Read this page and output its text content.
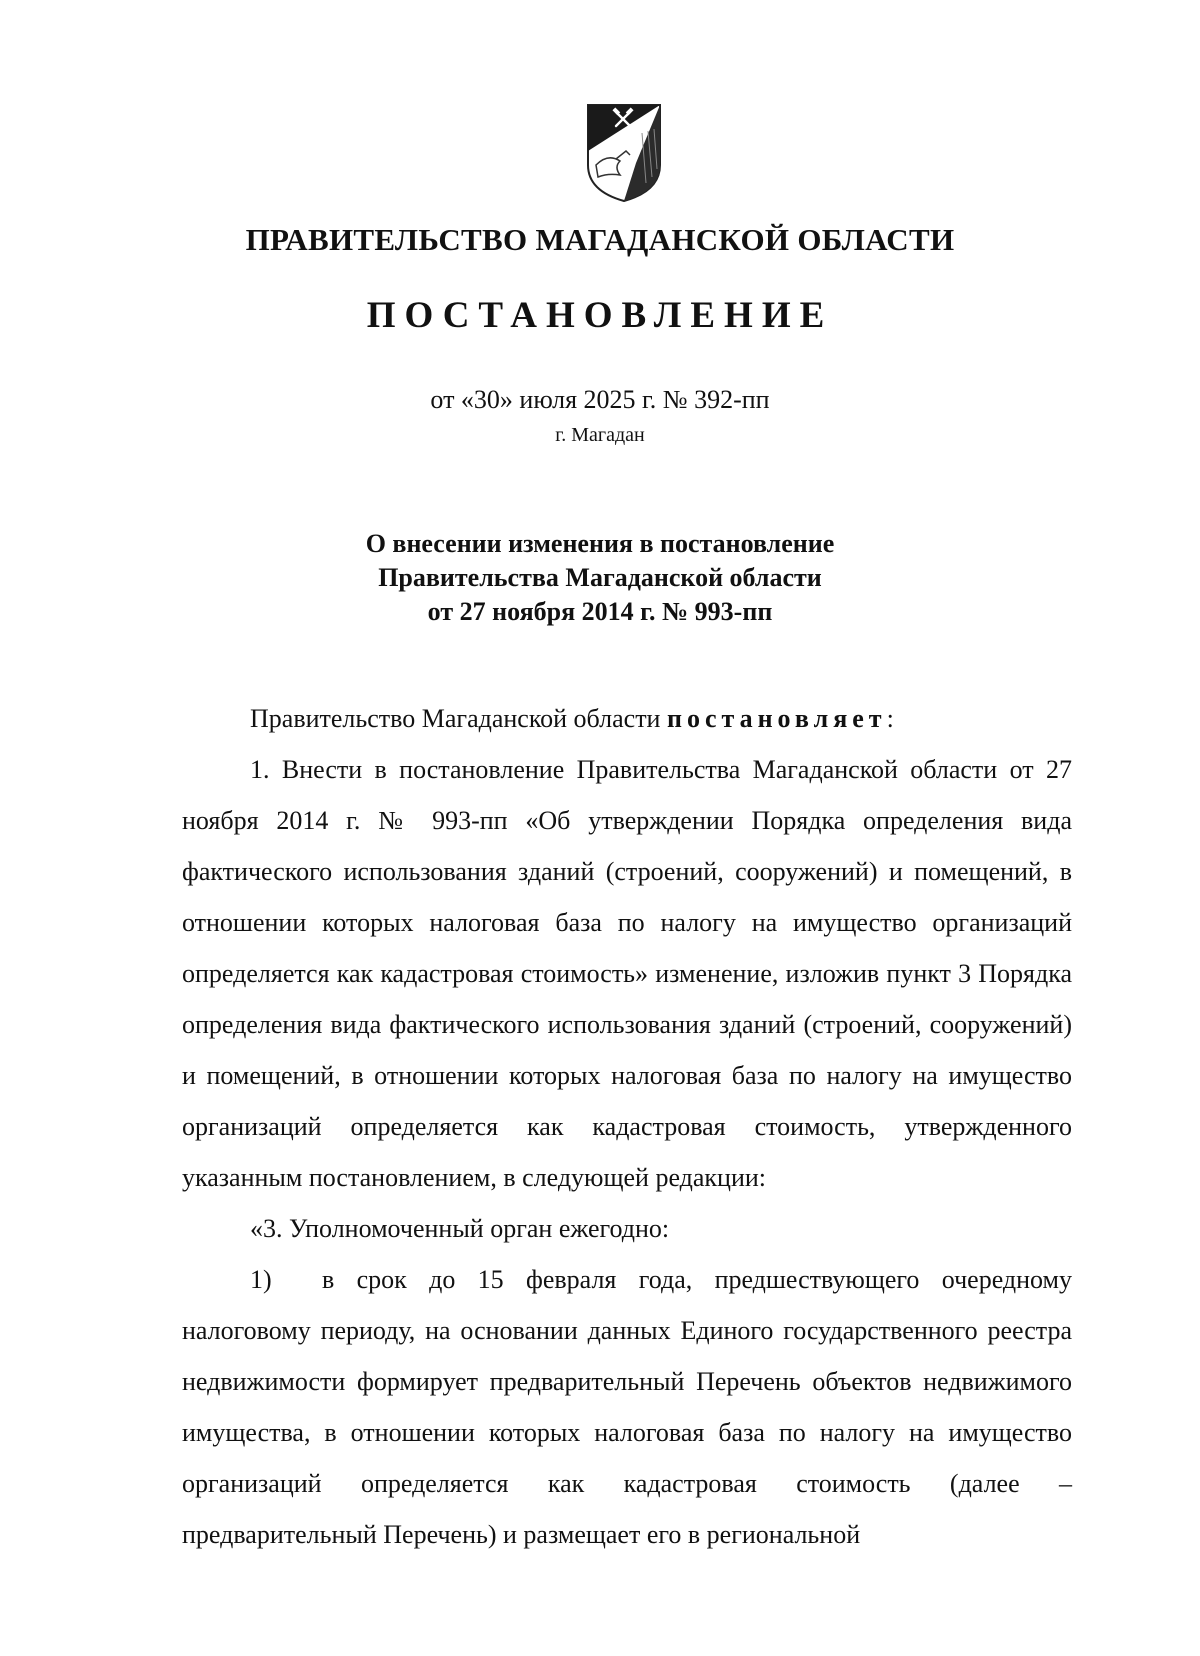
ПРАВИТЕЛЬСТВО МАГАДАНСКОЙ ОБЛАСТИ
ПОСТАНОВЛЕНИЕ
от «30» июля 2025 г. № 392-пп
г. Магадан
О внесении изменения в постановление
Правительства Магаданской области
от 27 ноября 2014 г. № 993-пп

Правительство Магаданской области постановляет:

1. Внести в постановление Правительства Магаданской области от 27 ноября 2014 г. № 993-пп «Об утверждении Порядка определения вида фактического использования зданий (строений, сооружений) и помещений, в отношении которых налоговая база по налогу на имущество организаций определяется как кадастровая стоимость» изменение, изложив пункт 3 Порядка определения вида фактического использования зданий (строений, сооружений) и помещений, в отношении которых налоговая база по налогу на имущество организаций определяется как кадастровая стоимость, утвержденного указанным постановлением, в следующей редакции:

«3. Уполномоченный орган ежегодно:

1) в срок до 15 февраля года, предшествующего очередному налоговому периоду, на основании данных Единого государственного реестра недвижимости формирует предварительный Перечень объектов недвижимого имущества, в отношении которых налоговая база по налогу на имущество организаций определяется как кадастровая стоимость (далее – предварительный Перечень) и размещает его в региональной
